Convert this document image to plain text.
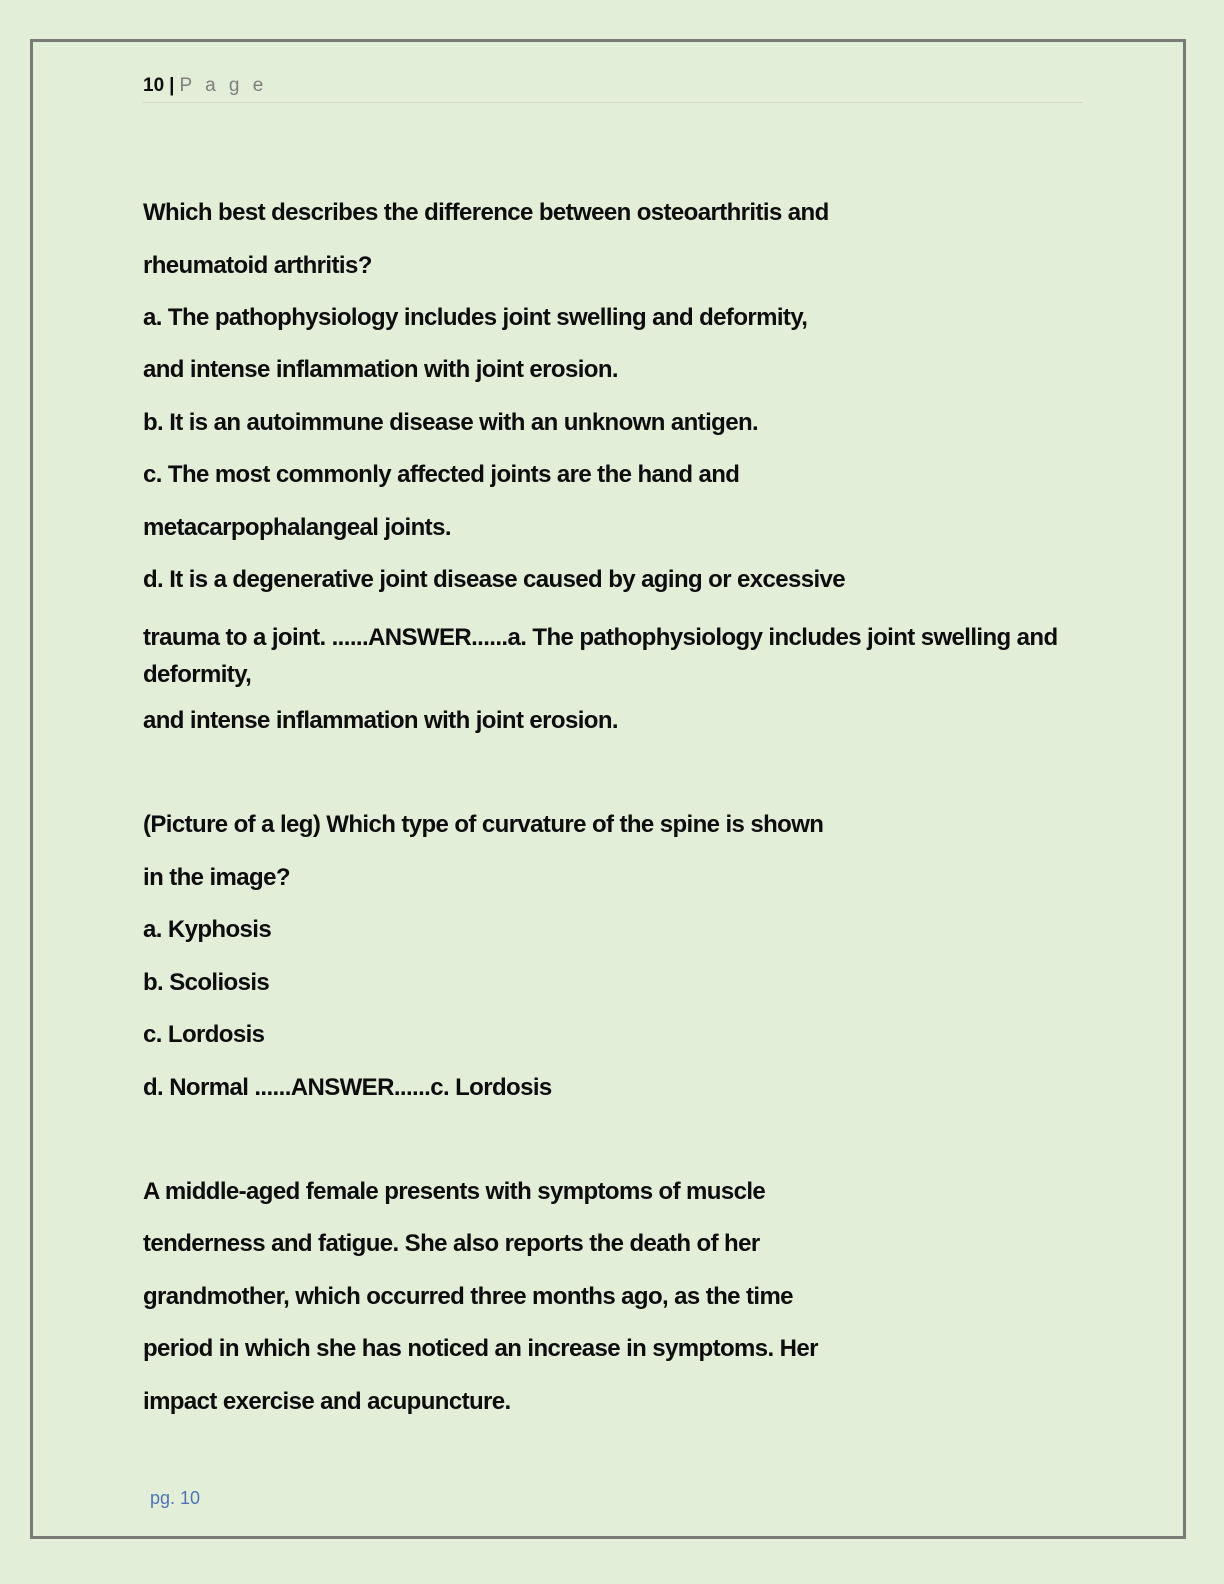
10 | P a g e
Which best describes the difference between osteoarthritis and
rheumatoid arthritis?
a. The pathophysiology includes joint swelling and deformity,
and intense inflammation with joint erosion.
b. It is an autoimmune disease with an unknown antigen.
c. The most commonly affected joints are the hand and
metacarpophalangeal joints.
d. It is a degenerative joint disease caused by aging or excessive
trauma to a joint. ......ANSWER......a. The pathophysiology includes joint swelling and deformity,
and intense inflammation with joint erosion.
(Picture of a leg) Which type of curvature of the spine is shown
in the image?
a. Kyphosis
b. Scoliosis
c. Lordosis
d. Normal ......ANSWER......c. Lordosis
A middle-aged female presents with symptoms of muscle
tenderness and fatigue. She also reports the death of her
grandmother, which occurred three months ago, as the time
period in which she has noticed an increase in symptoms. Her
impact exercise and acupuncture.
pg. 10
